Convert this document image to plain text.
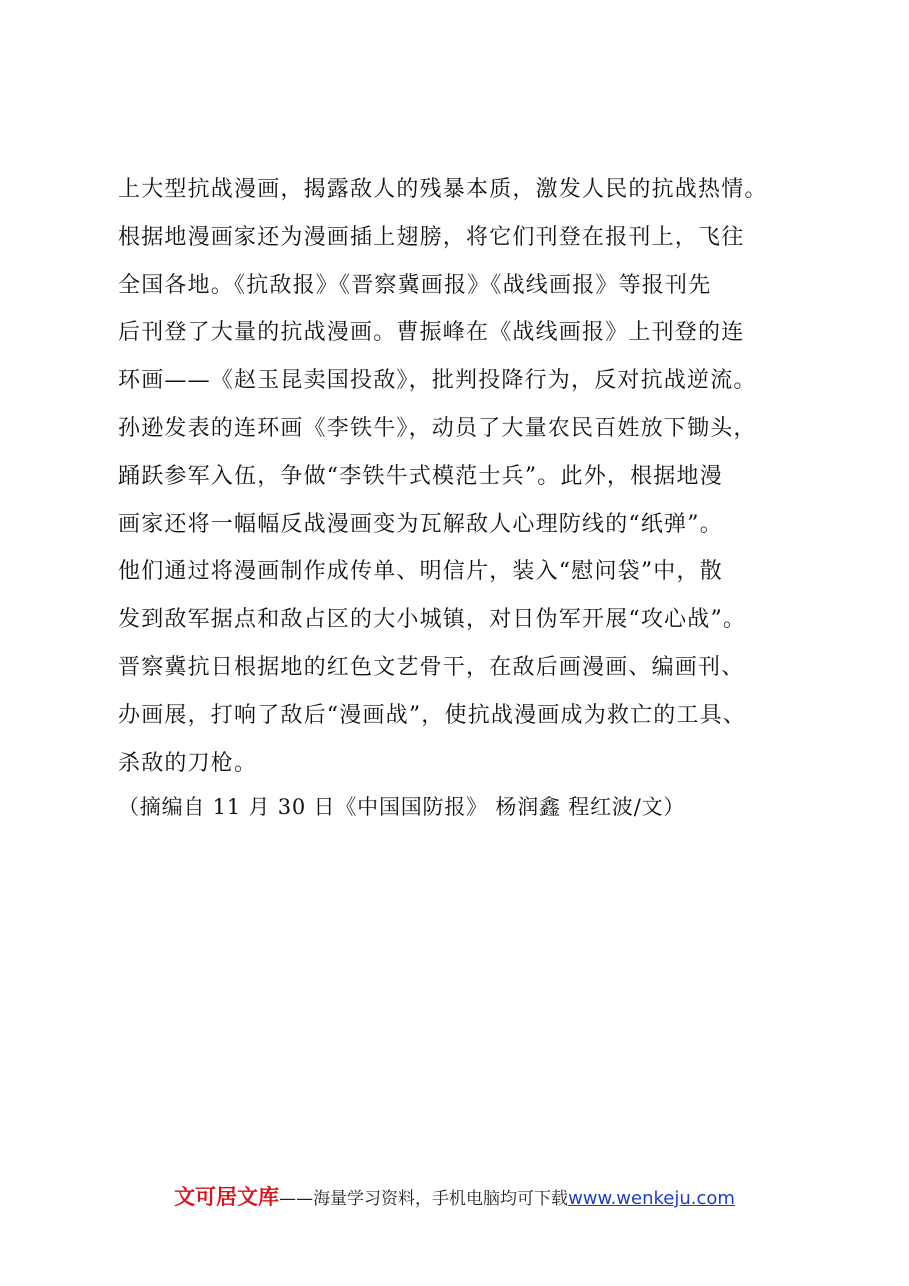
上大型抗战漫画，揭露敌人的残暴本质，激发人民的抗战热情。
根据地漫画家还为漫画插上翅膀，将它们刊登在报刊上，飞往
全国各地。《抗敌报》《晋察冀画报》《战线画报》等报刊先
后刊登了大量的抗战漫画。曹振峰在《战线画报》上刊登的连
环画——《赵玉昆卖国投敌》，批判投降行为，反对抗战逆流。
孙逊发表的连环画《李铁牛》，动员了大量农民百姓放下锄头，
踊跃参军入伍，争做“李铁牛式模范士兵”。此外，根据地漫
画家还将一幅幅反战漫画变为瓦解敌人心理防线的“纸弹”。
他们通过将漫画制作成传单、明信片，装入“慰问袋”中，散
发到敌军据点和敌占区的大小城镇，对日伪军开展“攻心战”。
晋察冀抗日根据地的红色文艺骨干，在敌后画漫画、编画刊、
办画展，打响了敌后“漫画战”，使抗战漫画成为救亡的工具、
杀敌的刀枪。
（摘编自 11 月 30 日《中国国防报》 杨润鑫 程红波/文）
文可居文库——海量学习资料，手机电脑均可下载www.wenkeju.com
